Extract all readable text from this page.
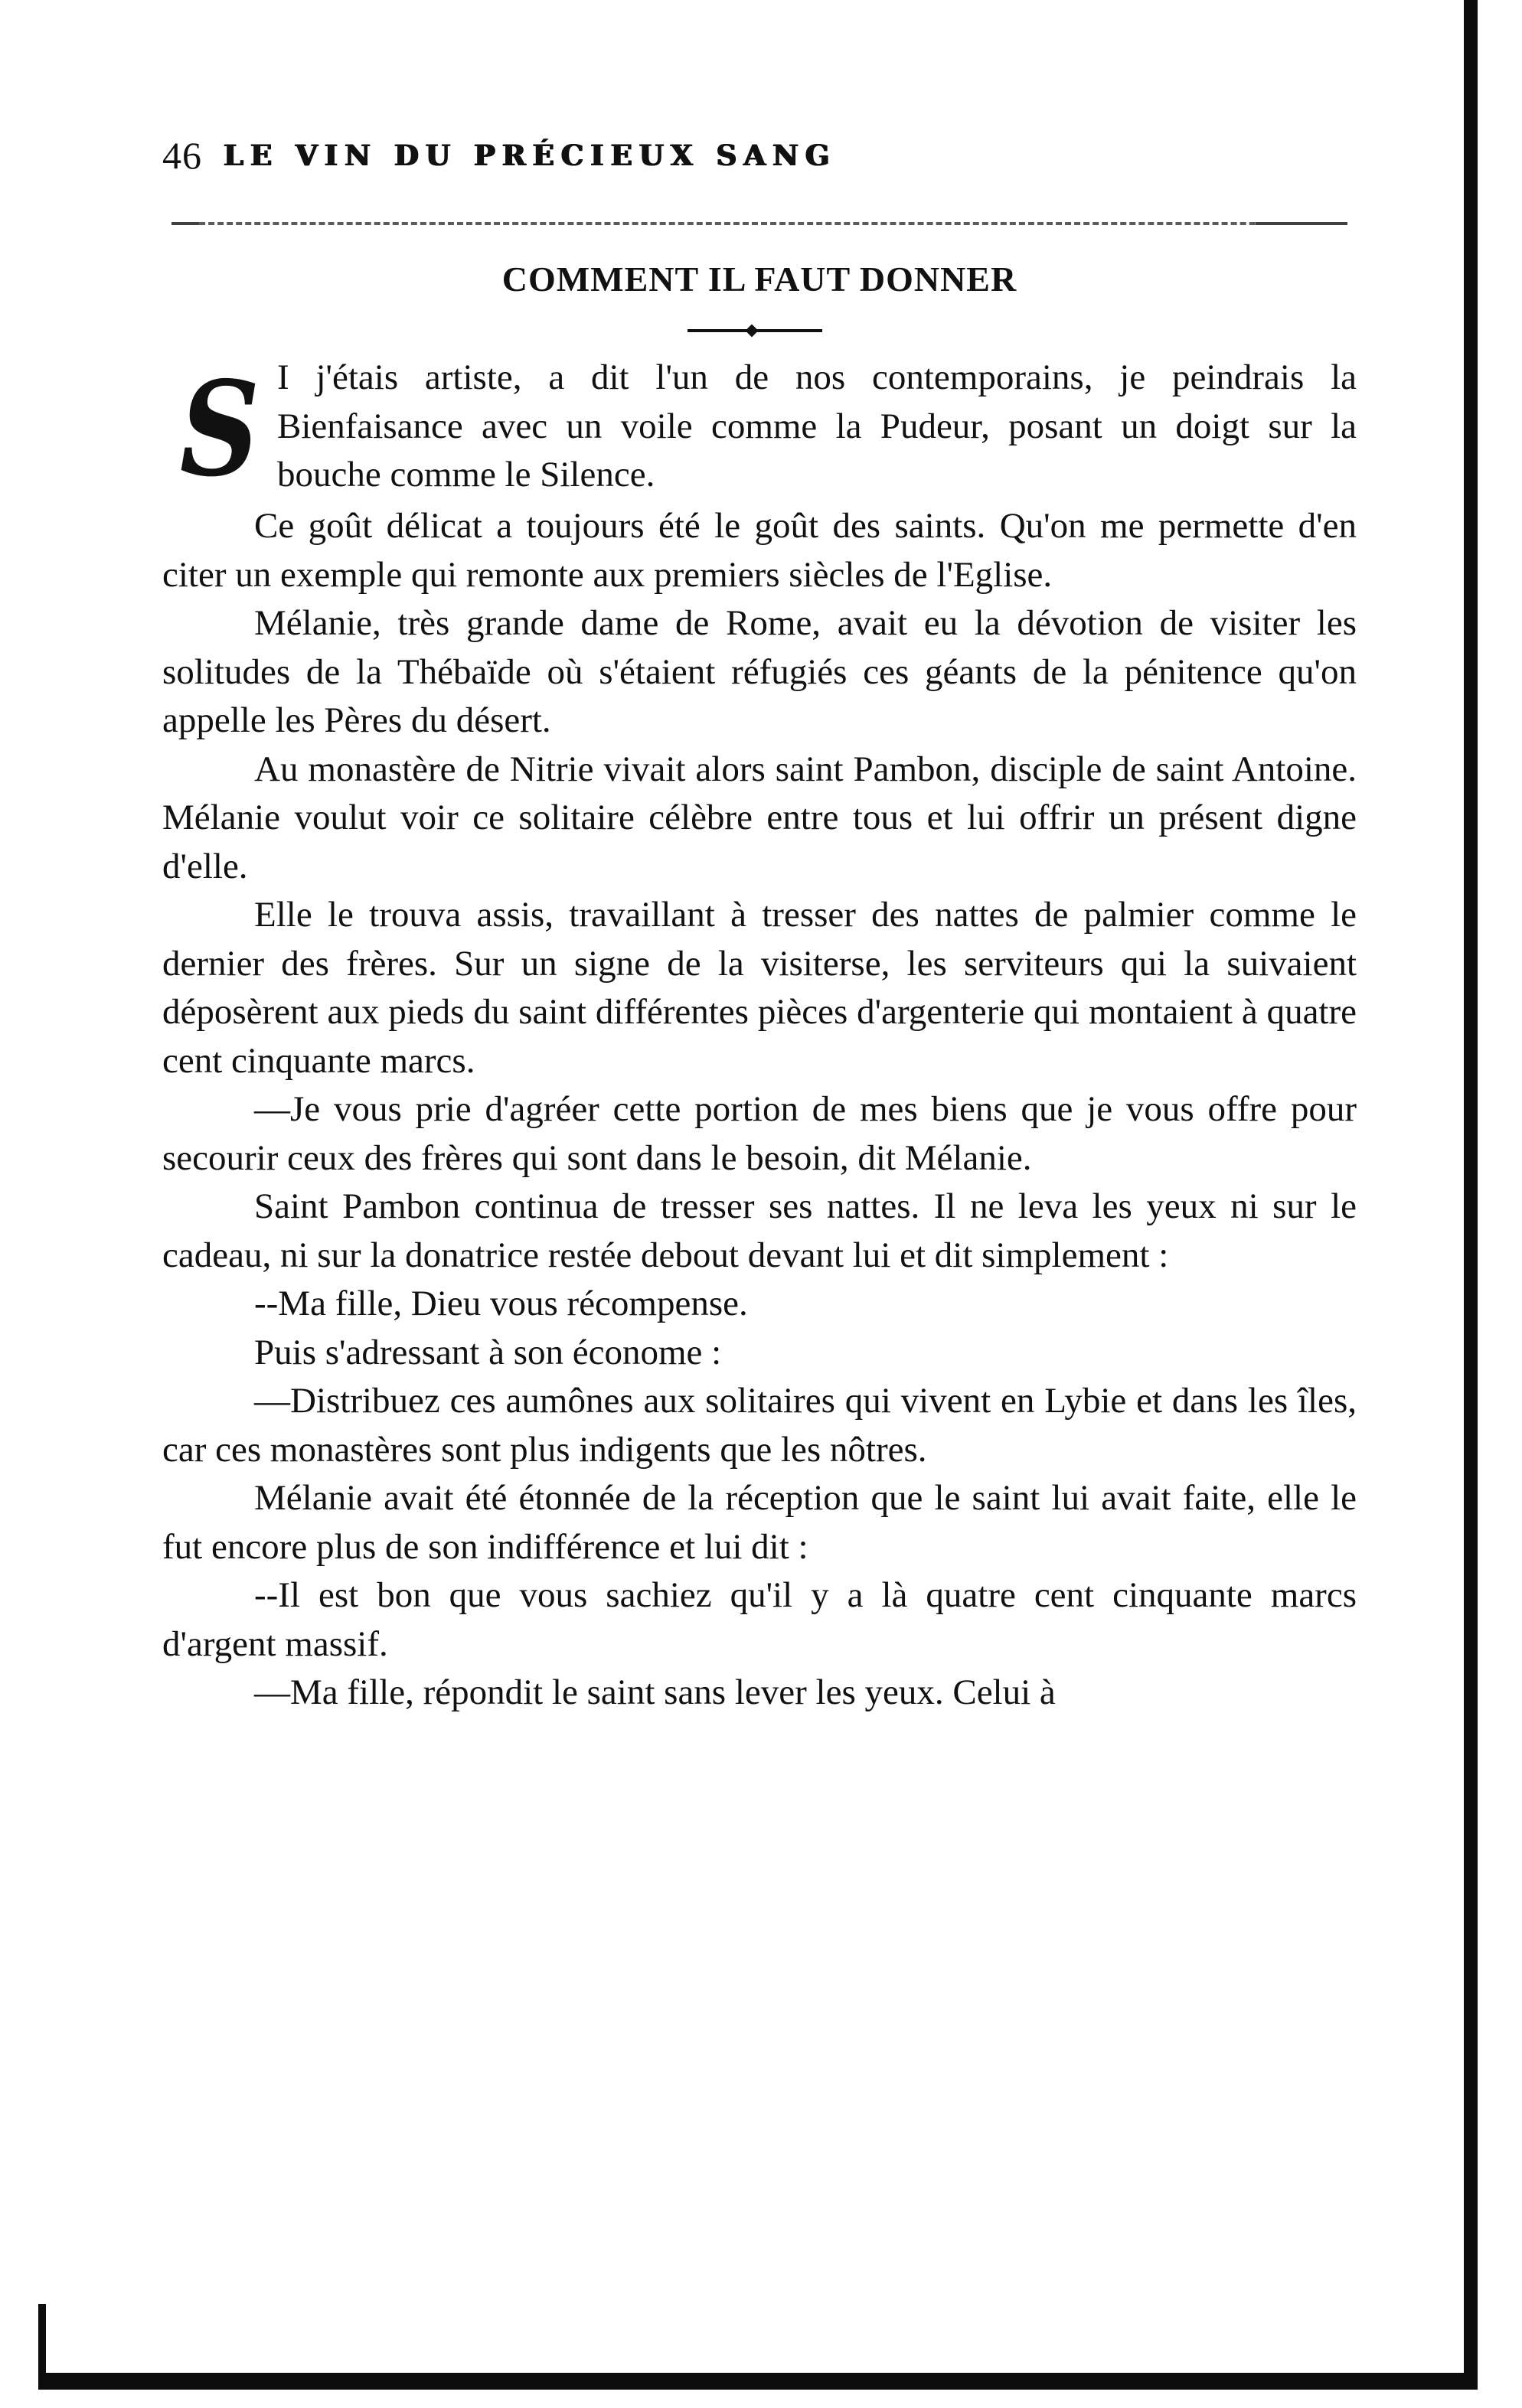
46 LE VIN DU PRÉCIEUX SANG
COMMENT IL FAUT DONNER
S I j'étais artiste, a dit l'un de nos contemporains, je peindrais la Bienfaisance avec un voile comme la Pudeur, posant un doigt sur la bouche comme le Silence.

Ce goût délicat a toujours été le goût des saints. Qu'on me permette d'en citer un exemple qui remonte aux premiers siècles de l'Eglise.

Mélanie, très grande dame de Rome, avait eu la dévotion de visiter les solitudes de la Thébaïde où s'étaient réfugiés ces géants de la pénitence qu'on appelle les Pères du désert.

Au monastère de Nitrie vivait alors saint Pambon, disciple de saint Antoine. Mélanie voulut voir ce solitaire célèbre entre tous et lui offrir un présent digne d'elle.

Elle le trouva assis, travaillant à tresser des nattes de palmier comme le dernier des frères. Sur un signe de la visiterse, les serviteurs qui la suivaient déposèrent aux pieds du saint différentes pièces d'argenterie qui montaient à quatre cent cinquante marcs.

—Je vous prie d'agréer cette portion de mes biens que je vous offre pour secourir ceux des frères qui sont dans le besoin, dit Mélanie.

Saint Pambon continua de tresser ses nattes. Il ne leva les yeux ni sur le cadeau, ni sur la donatrice restée debout devant lui et dit simplement :

--Ma fille, Dieu vous récompense.

Puis s'adressant à son économe :

—Distribuez ces aumônes aux solitaires qui vivent en Lybie et dans les îles, car ces monastères sont plus indigents que les nôtres.

Mélanie avait été étonnée de la réception que le saint lui avait faite, elle le fut encore plus de son indifférence et lui dit :

--Il est bon que vous sachiez qu'il y a là quatre cent cinquante marcs d'argent massif.

—Ma fille, répondit le saint sans lever les yeux. Celui à
